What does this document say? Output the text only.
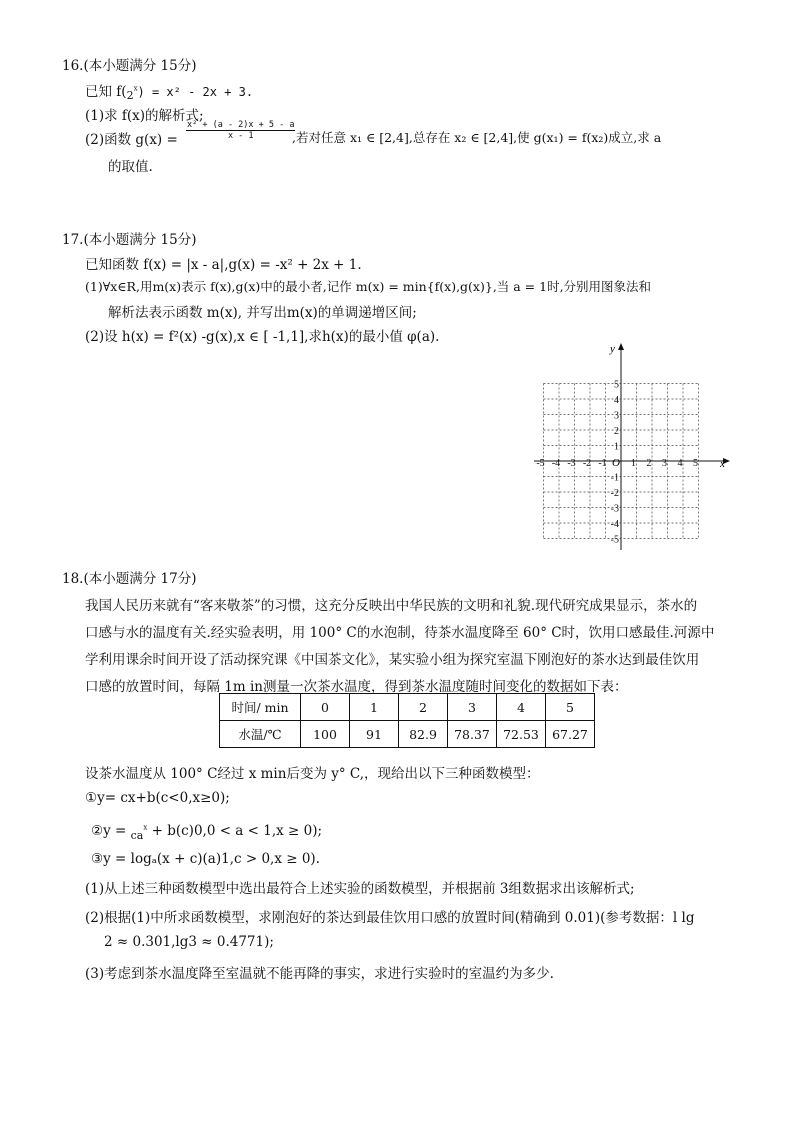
16.(本小题满分 15分)
已知 $f(_2^x) = x^2 - 2x + 3$.
(1)求 f(x)的解析式;
(2)函数 $g(x) = \frac{\text{x² + (a - 2)x + 5 - a}}{x - 1}$
,若对任意 x₁ ∈ [2,4],总存在 x₂ ∈ [2,4],使 g(x₁) = f(x₂)成立,求 a
的取值.
17.(本小题满分 15分)
已知函数 f(x) = |x - a|,g(x) = -x² + 2x + 1.
(1)∀x∈R,用m(x)表示 f(x),g(x)中的最小者,记作 m(x) = min{f(x),g(x)},当 a = 1时,分别用图象法和
解析法表示函数 m(x), 并写出m(x)的单调递增区间;
(2)设 h(x) = f²(x) -g(x),x ∈ [ -1,1],求h(x)的最小值 φ(a).
x
y
O
-5 -4 -3 -2 -1 1 2 3 4 5
5
4
3
2
1
-1
-2
-3
-4
-5
18.(本小题满分 17分)
我国人民历来就有“客来敬茶”的习惯，这充分反映出中华民族的文明和礼貌.现代研究成果显示，茶水的
口感与水的温度有关.经实验表明，用 100° C的水泡制，待茶水温度降至 60° C时，饮用口感最佳.河源中
学利用课余时间开设了活动探究课《中国茶文化》，某实验小组为探究室温下刚泡好的茶水达到最佳饮用
口感的放置时间，每隔 1m in测量一次茶水温度，得到茶水温度随时间变化的数据如下表：
时间/ min	0	1	2	3	4	5
水温/℃	100	91	82.9	78.37	72.53	67.27
设茶水温度从 100° C经过 x min后变为 y° C,，现给出以下三种函数模型：
①y= cx+b(c<0,x≥0);
②y = $_{ca}^x$ + b(c)0,0 < a < 1,x ≥ 0);
③y = logₐ(x + c)(a)1,c > 0,x ≥ 0).
(1)从上述三种函数模型中选出最符合上述实验的函数模型，并根据前 3组数据求出该解析式;
(2)根据(1)中所求函数模型，求刚泡好的茶达到最佳饮用口感的放置时间(精确到 0.01)(参考数据：l lg
2 ≈ 0.301,lg3 ≈ 0.4771);
(3)考虑到茶水温度降至室温就不能再降的事实，求进行实验时的室温约为多少.
